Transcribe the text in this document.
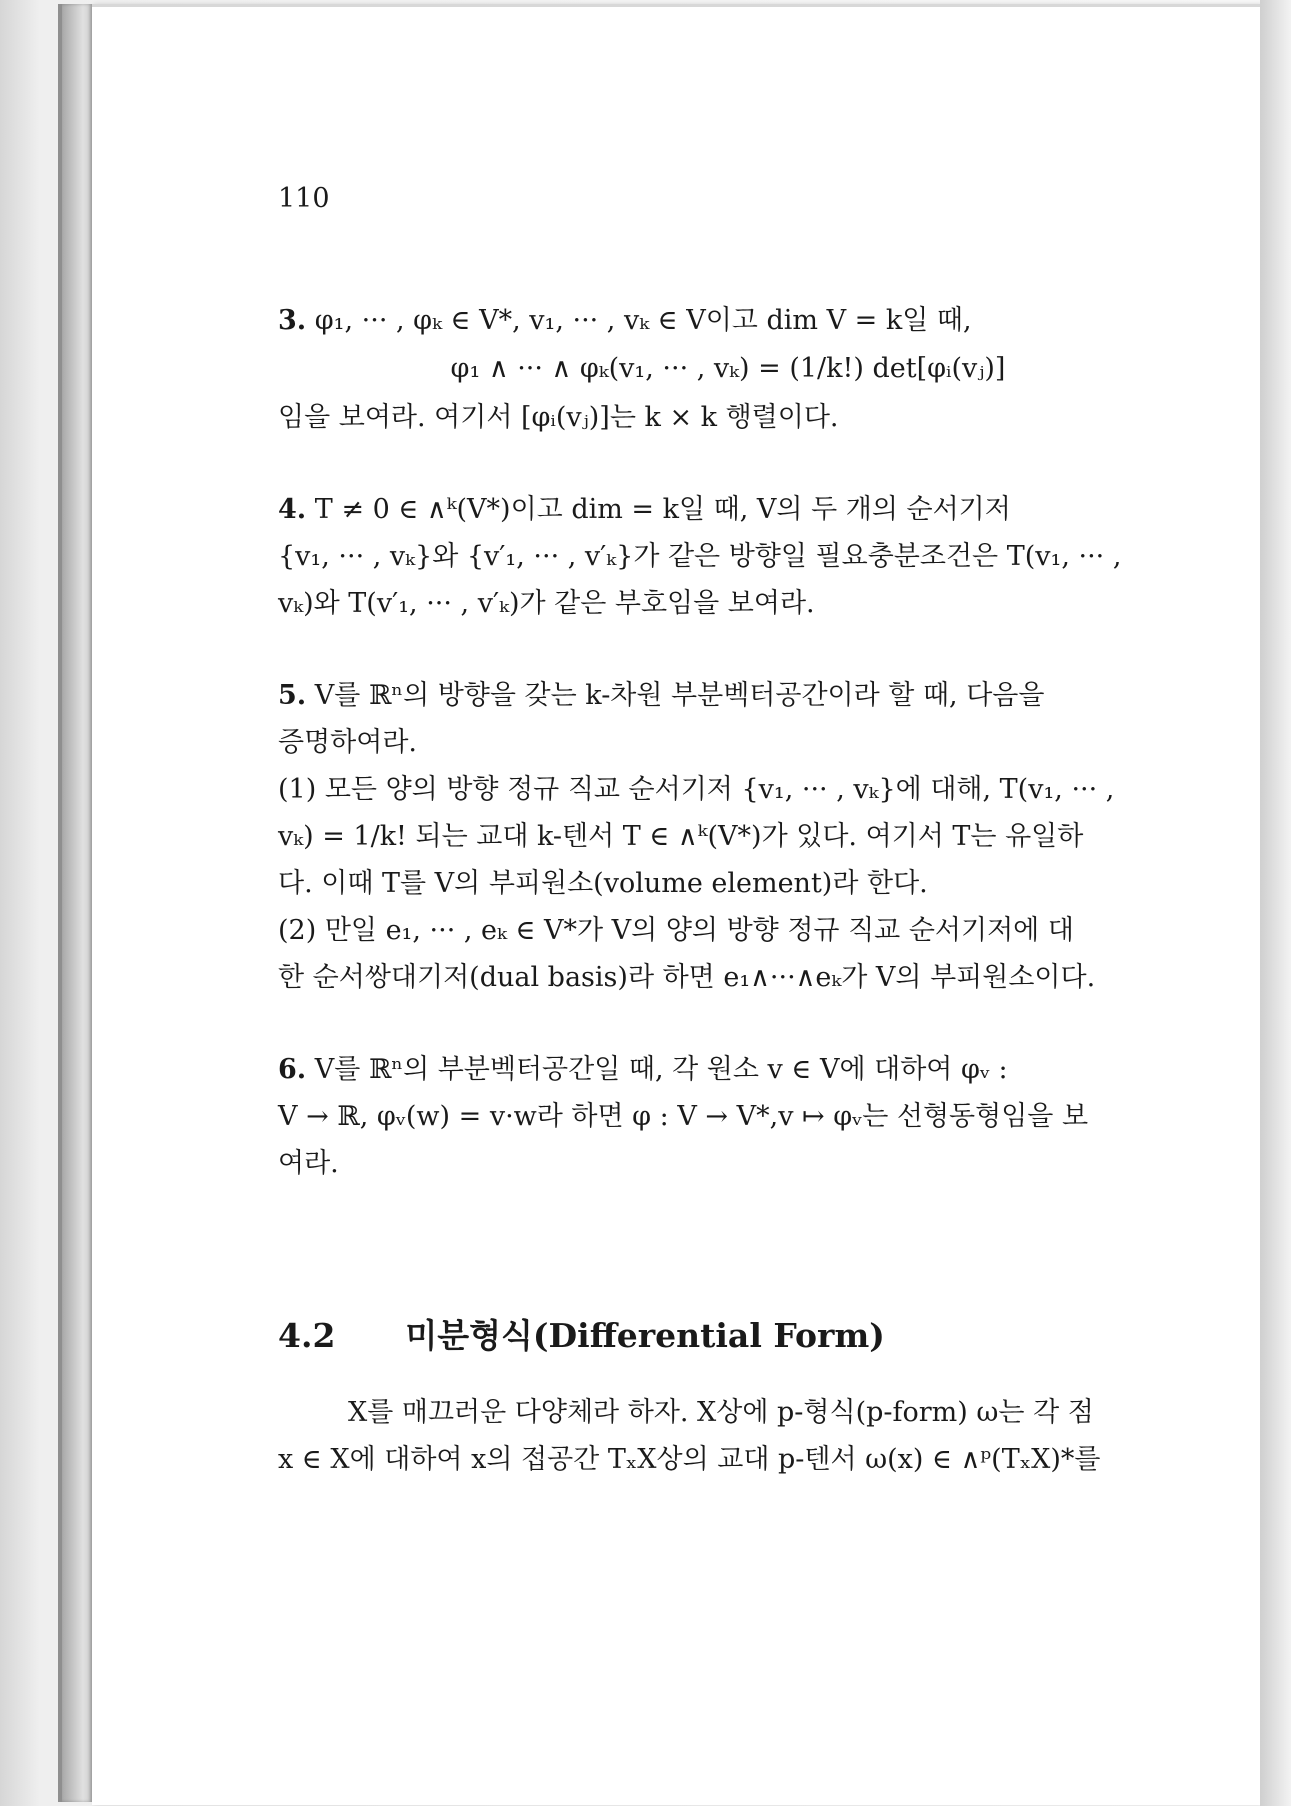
110

3. φ₁, ··· , φₖ ∈ V*, v₁, ··· , vₖ ∈ V이고 dim V = k일 때,

φ₁ ∧ ··· ∧ φₖ(v₁, ··· , vₖ) = (1/k!) det[φᵢ(vⱼ)]

임을 보여라. 여기서 [φᵢ(vⱼ)]는 k × k 행렬이다.

4. T ≠ 0 ∈ ∧ᵏ(V*)이고 dim = k일 때, V의 두 개의 순서기저

{v₁, ··· , vₖ}와 {v′₁, ··· , v′ₖ}가 같은 방향일 필요충분조건은 T(v₁, ··· ,

vₖ)와 T(v′₁, ··· , v′ₖ)가 같은 부호임을 보여라.

5. V를 ℝⁿ의 방향을 갖는 k-차원 부분벡터공간이라 할 때, 다음을

증명하여라.

(1) 모든 양의 방향 정규 직교 순서기저 {v₁, ··· , vₖ}에 대해, T(v₁, ··· ,

vₖ) = 1/k! 되는 교대 k-텐서 T ∈ ∧ᵏ(V*)가 있다. 여기서 T는 유일하

다. 이때 T를 V의 부피원소(volume element)라 한다.

(2) 만일 e₁, ··· , eₖ ∈ V*가 V의 양의 방향 정규 직교 순서기저에 대

한 순서쌍대기저(dual basis)라 하면 e₁∧···∧eₖ가 V의 부피원소이다.

6. V를 ℝⁿ의 부분벡터공간일 때, 각 원소 v ∈ V에 대하여 φᵥ :

V → ℝ, φᵥ(w) = v·w라 하면 φ : V → V*,v ↦ φᵥ는 선형동형임을 보

여라.

4.2 미분형식(Differential Form)

X를 매끄러운 다양체라 하자. X상에 p-형식(p-form) ω는 각 점

x ∈ X에 대하여 x의 접공간 TₓX상의 교대 p-텐서 ω(x) ∈ ∧ᵖ(TₓX)*를
